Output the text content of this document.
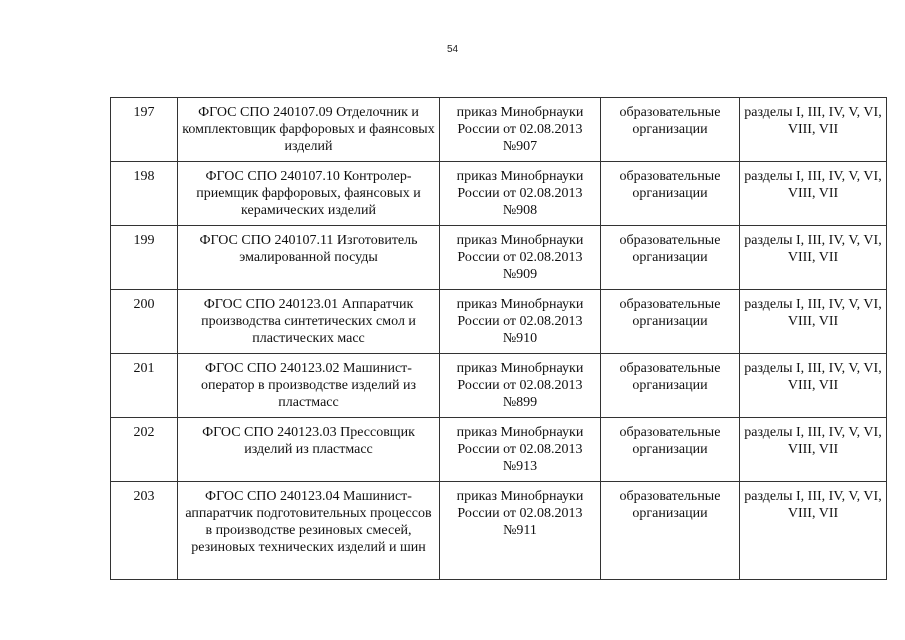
54
197	ФГОС СПО 240107.09 Отделочник и комплектовщик фарфоровых и фаянсовых изделий	приказ Минобрнауки России от 02.08.2013 №907	образовательные организации	разделы I, III, IV, V, VI, VIII, VII
198	ФГОС СПО 240107.10 Контролер-приемщик фарфоровых, фаянсовых и керамических изделий	приказ Минобрнауки России от 02.08.2013 №908	образовательные организации	разделы I, III, IV, V, VI, VIII, VII
199	ФГОС СПО 240107.11 Изготовитель эмалированной посуды	приказ Минобрнауки России от 02.08.2013 №909	образовательные организации	разделы I, III, IV, V, VI, VIII, VII
200	ФГОС СПО 240123.01 Аппаратчик производства синтетических смол и пластических масс	приказ Минобрнауки России от 02.08.2013 №910	образовательные организации	разделы I, III, IV, V, VI, VIII, VII
201	ФГОС СПО 240123.02 Машинист-оператор в производстве изделий из пластмасс	приказ Минобрнауки России от 02.08.2013 №899	образовательные организации	разделы I, III, IV, V, VI, VIII, VII
202	ФГОС СПО 240123.03 Прессовщик изделий из пластмасс	приказ Минобрнауки России от 02.08.2013 №913	образовательные организации	разделы I, III, IV, V, VI, VIII, VII
203	ФГОС СПО 240123.04 Машинист-аппаратчик подготовительных процессов в производстве резиновых смесей, резиновых технических изделий и шин	приказ Минобрнауки России от 02.08.2013 №911	образовательные организации	разделы I, III, IV, V, VI, VIII, VII
